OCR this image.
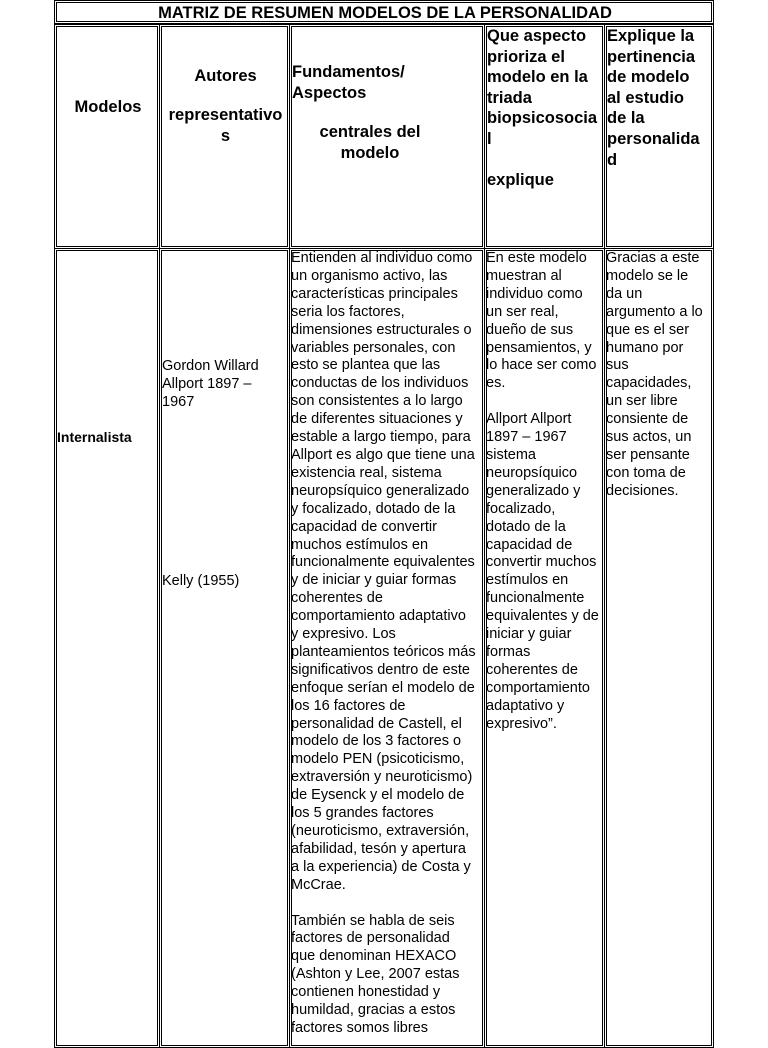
MATRIZ DE RESUMEN MODELOS DE LA PERSONALIDAD
Modelos
Autores
representativo
s
Fundamentos/
Aspectos
centrales del
modelo
Que aspecto
prioriza el
modelo en la
triada
biopsicosocia
l

explique
Explique la
pertinencia
de modelo
al estudio
de la
personalida
d
Internalista
Gordon Willard
Allport 1897 –
1967
Kelly (1955)
Entienden al individuo como
un organismo activo, las
características principales
seria los factores,
dimensiones estructurales o
variables personales, con
esto se plantea que las
conductas de los individuos
son consistentes a lo largo
de diferentes situaciones y
estable a largo tiempo, para
Allport es algo que tiene una
existencia real, sistema
neuropsíquico generalizado
y focalizado, dotado de la
capacidad de convertir
muchos estímulos en
funcionalmente equivalentes
y de iniciar y guiar formas
coherentes de
comportamiento adaptativo
y expresivo. Los
planteamientos teóricos más
significativos dentro de este
enfoque serían el modelo de
los 16 factores de
personalidad de Castell, el
modelo de los 3 factores o
modelo PEN (psicoticismo,
extraversión y neuroticismo)
de Eysenck y el modelo de
los 5 grandes factores
(neuroticismo, extraversión,
afabilidad, tesón y apertura
a la experiencia) de Costa y
McCrae.

También se habla de seis
factores de personalidad
que denominan HEXACO
(Ashton y Lee, 2007 estas
contienen honestidad y
humildad, gracias a estos
factores somos libres
En este modelo
muestran al
individuo como
un ser real,
dueño de sus
pensamientos, y
lo hace ser como
es.

Allport Allport
1897 – 1967
sistema
neuropsíquico
generalizado y
focalizado,
dotado de la
capacidad de
convertir muchos
estímulos en
funcionalmente
equivalentes y de
iniciar y guiar
formas
coherentes de
comportamiento
adaptativo y
expresivo”.
Gracias a este
modelo se le
da un
argumento a lo
que es el ser
humano por
sus
capacidades,
un ser libre
consiente de
sus actos, un
ser pensante
con toma de
decisiones.
